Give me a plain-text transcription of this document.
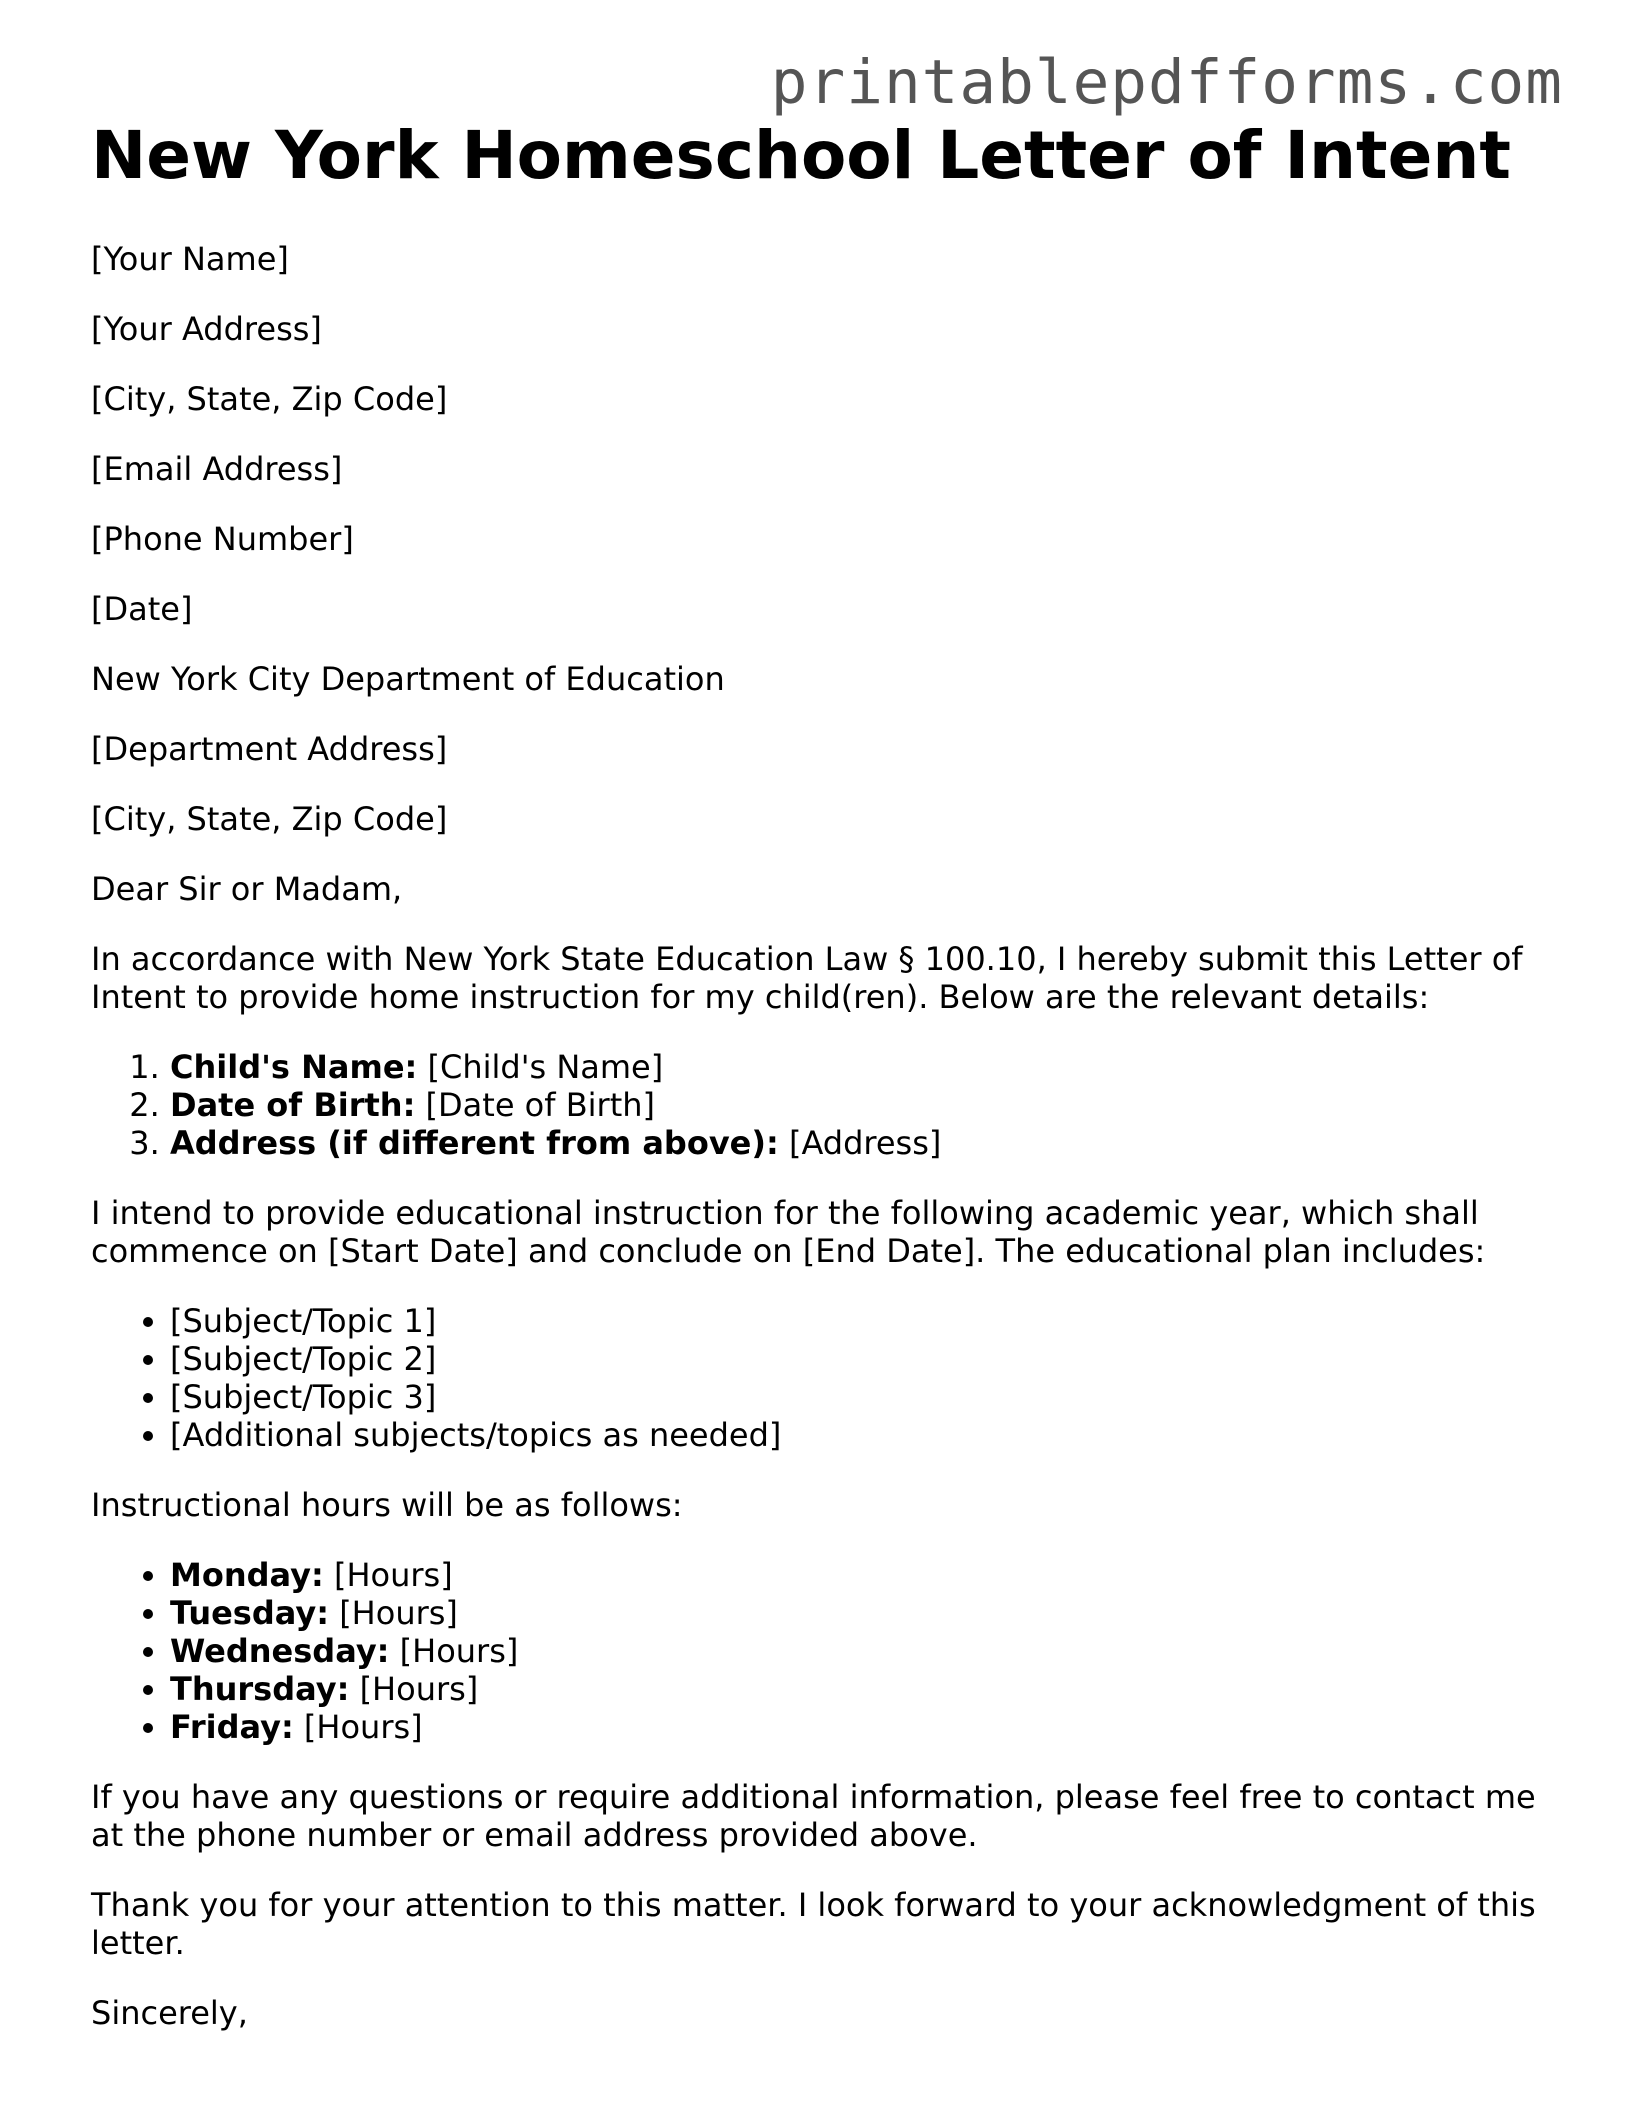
printablepdfforms.com
New York Homeschool Letter of Intent

[Your Name]

[Your Address]

[City, State, Zip Code]

[Email Address]

[Phone Number]

[Date]

New York City Department of Education

[Department Address]

[City, State, Zip Code]

Dear Sir or Madam,

In accordance with New York State Education Law § 100.10, I hereby submit this Letter of Intent to provide home instruction for my child(ren). Below are the relevant details:

1. Child's Name: [Child's Name]
2. Date of Birth: [Date of Birth]
3. Address (if different from above): [Address]

I intend to provide educational instruction for the following academic year, which shall commence on [Start Date] and conclude on [End Date]. The educational plan includes:

• [Subject/Topic 1]
• [Subject/Topic 2]
• [Subject/Topic 3]
• [Additional subjects/topics as needed]

Instructional hours will be as follows:

• Monday: [Hours]
• Tuesday: [Hours]
• Wednesday: [Hours]
• Thursday: [Hours]
• Friday: [Hours]

If you have any questions or require additional information, please feel free to contact me at the phone number or email address provided above.

Thank you for your attention to this matter. I look forward to your acknowledgment of this letter.

Sincerely,
